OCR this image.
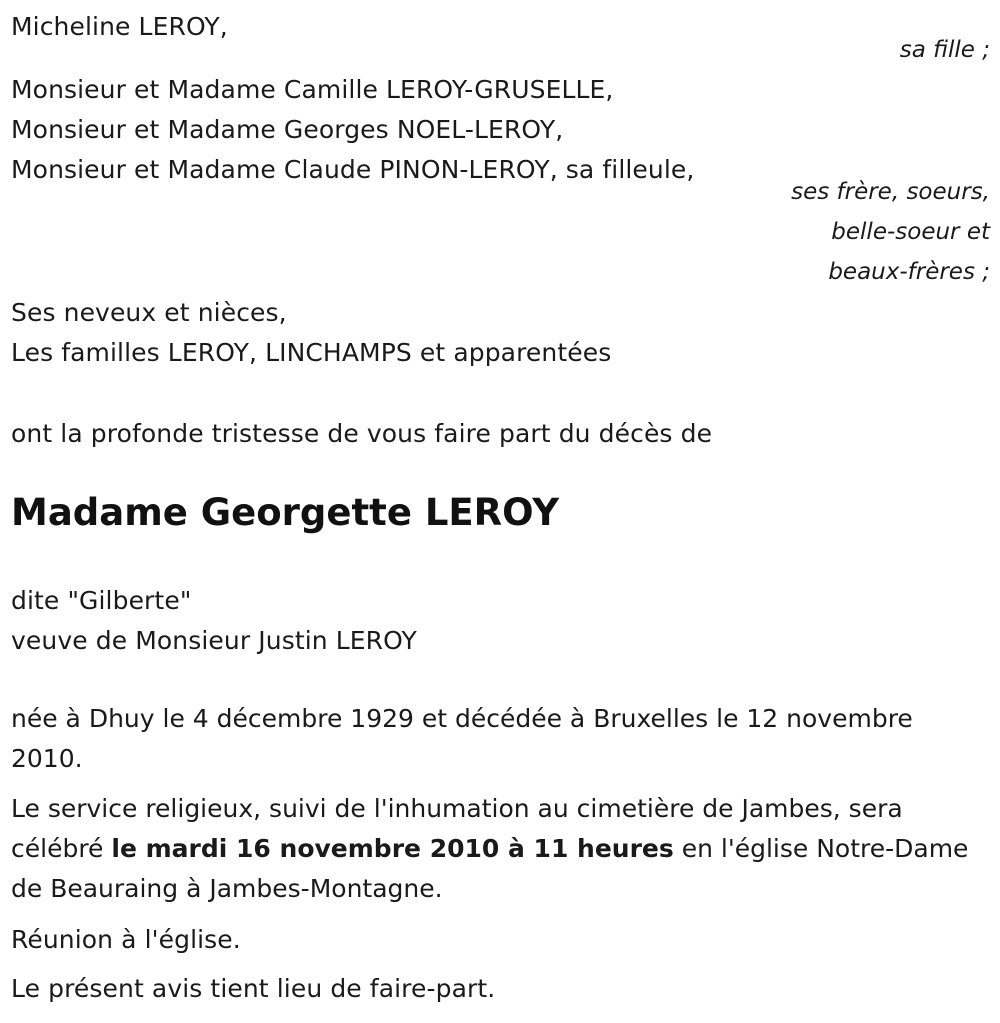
Micheline LEROY,
sa fille ;
Monsieur et Madame Camille LEROY-GRUSELLE,
Monsieur et Madame Georges NOEL-LEROY,
Monsieur et Madame Claude PINON-LEROY, sa filleule,
ses frère, soeurs,
belle-soeur et
beaux-frères ;
Ses neveux et nièces,
Les familles LEROY, LINCHAMPS et apparentées
ont la profonde tristesse de vous faire part du décès de
Madame Georgette LEROY
dite "Gilberte"
veuve de Monsieur Justin LEROY
née à Dhuy le 4 décembre 1929 et décédée à Bruxelles le 12 novembre 2010.
Le service religieux, suivi de l'inhumation au cimetière de Jambes, sera célébré le mardi 16 novembre 2010 à 11 heures en l'église Notre-Dame de Beauraing à Jambes-Montagne.
Réunion à l'église.
Le présent avis tient lieu de faire-part.
